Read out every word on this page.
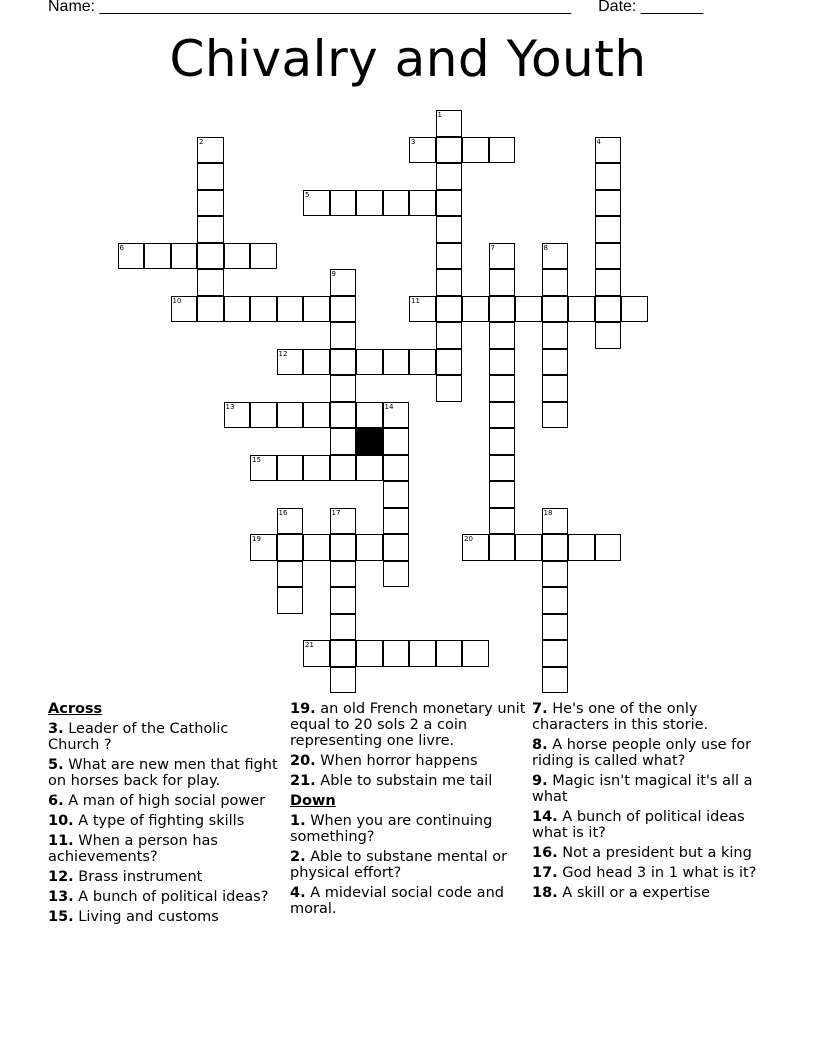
Name: _____________________________________________________ Date: _______
Chivalry and Youth
1
2	3	4
5
6	7	8
9
10	11
12
13	14
15
16	17	18
19	20
21
Across
3. Leader of the Catholic Church ?
5. What are new men that fight on horses back for play.
6. A man of high social power
10. A type of fighting skills
11. When a person has achievements?
12. Brass instrument
13. A bunch of political ideas?
15. Living and customs
19. an old French monetary unit equal to 20 sols 2 a coin representing one livre.
20. When horror happens
21. Able to substain me tail
Down
1. When you are continuing something?
2. Able to substane mental or physical effort?
4. A midevial social code and moral.
7. He's one of the only characters in this storie.
8. A horse people only use for riding is called what?
9. Magic isn't magical it's all a what
14. A bunch of political ideas what is it?
16. Not a president but a king
17. God head 3 in 1 what is it?
18. A skill or a expertise
